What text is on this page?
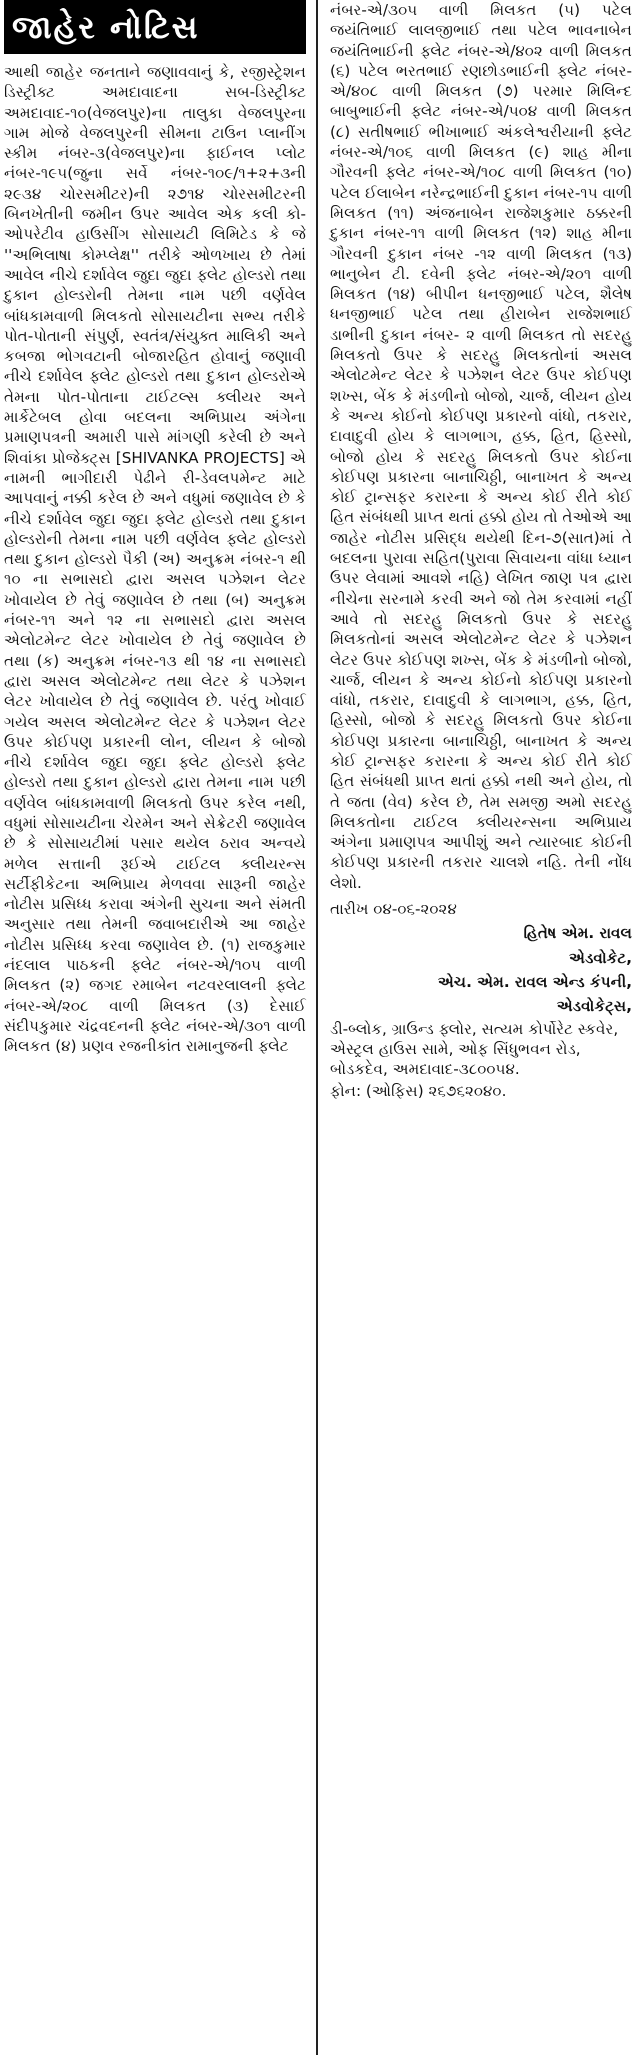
જાહેર નોટિસ

આથી જાહેર જનતાને જણાવવાનું કે, રજીસ્ટ્રેશન ડિસ્ટ્રીક્ટ અમદાવાદના સબ-ડિસ્ટ્રીક્ટ અમદાવાદ-૧૦(વેજલપુર)ના તાલુકા વેજલપુરના ગામ મોજે વેજલપુરની સીમના ટાઉન પ્લાનીંગ સ્કીમ નંબર-૩(વેજલપુર)ના ફાઈનલ પ્લોટ નંબર-૧૯૫(જુના સર્વે નંબર-૧૦૯/૧+૨+૩ની ૨૯૩૪ ચોરસમીટર)ની ૨૭૧૪ ચોરસમીટરની બિનખેતીની જમીન ઉપર આવેલ એક કલી કો-ઓપરેટીવ હાઉસીંગ સોસાયટી લિમિટેડ કે જે ''અભિલાષા કોમ્પ્લેક્ષ'' તરીકે ઓળખાય છે તેમાં આવેલ નીચે દર્શાવેલ જુદા જુદા ફ્લેટ હોલ્ડરો તથા દુકાન હોલ્ડરોની તેમના નામ પછી વર્ણવેલ બાંધકામવાળી મિલકતો સોસાયટીના સભ્ય તરીકે પોત-પોતાની સંપુર્ણ, સ્વતંત્ર/સંયુક્ત માલિકી અને કબજા ભોગવટાની બોજારહિત હોવાનું જણાવી નીચે દર્શાવેલ ફ્લેટ હોલ્ડરો તથા દુકાન હોલ્ડરોએ તેમના પોત-પોતાના ટાઈટલ્સ ક્લીયર અને માર્કેટેબલ હોવા બદલના અભિપ્રાય અંગેના પ્રમાણપત્રની અમારી પાસે માંગણી કરેલી છે અને શિવાંકા પ્રોજેક્ટ્સ [SHIVANKA PROJECTS] એ નામની ભાગીદારી પેઢીને રી-ડેવલપમેન્ટ માટે આપવાનું નક્કી કરેલ છે અને વધુમાં જણાવેલ છે કે નીચે દર્શાવેલ જુદા જુદા ફ્લેટ હોલ્ડરો તથા દુકાન હોલ્ડરોની તેમના નામ પછી વર્ણવેલ ફ્લેટ હોલ્ડરો તથા દુકાન હોલ્ડરો પૈકી (અ) અનુક્રમ નંબર-૧ થી ૧૦ ના સભાસદો દ્વારા અસલ પઝેશન લેટર ખોવાયેલ છે તેવું જણાવેલ છે તથા (બ) અનુક્રમ નંબર-૧૧ અને ૧૨ ના સભાસદો દ્વારા અસલ એલોટમેન્ટ લેટર ખોવાયેલ છે તેવું જણાવેલ છે તથા (ક) અનુક્રમ નંબર-૧૩ થી ૧૪ ના સભાસદો દ્વારા અસલ એલોટમેન્ટ તથા લેટર કે પઝેશન લેટર ખોવાયેલ છે તેવું જણાવેલ છે. પરંતુ ખોવાઈ ગયેલ અસલ એલોટમેન્ટ લેટર કે પઝેશન લેટર ઉપર કોઈપણ પ્રકારની લોન, લીયન કે બોજો નીચે દર્શાવેલ જુદા જુદા ફ્લેટ હોલ્ડરો ફ્લેટ હોલ્ડરો તથા દુકાન હોલ્ડરો દ્વારા તેમના નામ પછી વર્ણવેલ બાંધકામવાળી મિલકતો ઉપર કરેલ નથી, વધુમાં સોસાયટીના ચેરમેન અને સેક્રેટરી જણાવેલ છે કે સોસાયટીમાં પસાર થયેલ ઠરાવ અન્વયે મળેલ સત્તાની રૂઈએ ટાઈટલ ક્લીયરન્સ સર્ટીફીકેટના અભિપ્રાય મેળવવા સારૂની જાહેર નોટીસ પ્રસિધ્ધ કરાવા અંગેની સુચના અને સંમતી અનુસાર તથા તેમની જવાબદારીએ આ જાહેર નોટીસ પ્રસિધ્ધ કરવા જણાવેલ છે. (૧) રાજકુમાર નંદલાલ પાઠકની ફ્લેટ નંબર-એ/૧૦૫ વાળી મિલકત (૨) જગદ રમાબેન નટવરલાલની ફ્લેટ નંબર-એ/૨૦૮ વાળી મિલકત (૩) દેસાઈ સંદીપકુમાર ચંદ્રવદનની ફ્લેટ નંબર-એ/૩૦૧ વાળી મિલકત (૪) પ્રણવ રજનીકાંત રામાનુજની ફ્લેટ

નંબર-એ/૩૦૫ વાળી મિલકત (૫) પટેલ જયંતિભાઈ લાલજીભાઈ તથા પટેલ ભાવનાબેન જયંતિભાઈની ફ્લેટ નંબર-એ/૪૦૨ વાળી મિલકત (૬) પટેલ ભરતભાઈ રણછોડભાઈની ફ્લેટ નંબર-એ/૪૦૮ વાળી મિલકત (૭) પરમાર મિલિન્દ બાબુભાઈની ફ્લેટ નંબર-એ/૫૦૪ વાળી મિલકત (૮) સતીષભાઈ ભીખાભાઈ અંકલેશ્વરીયાની ફ્લેટ નંબર-એ/૧૦૬ વાળી મિલકત (૯) શાહ મીના ગૌરવની ફ્લેટ નંબર-એ/૧૦૮ વાળી મિલકત (૧૦) પટેલ ઈલાબેન નરેન્દ્રભાઈની દુકાન નંબર-૧૫ વાળી મિલકત (૧૧) અંજનાબેન રાજેશકુમાર ઠક્કરની દુકાન નંબર-૧૧ વાળી મિલકત (૧૨) શાહ મીના ગૌરવની દુકાન નંબર -૧૨ વાળી મિલકત (૧૩) ભાનુબેન ટી. દવેની ફ્લેટ નંબર-એ/૨૦૧ વાળી મિલકત (૧૪) બીપીન ધનજીભાઈ પટેલ, શૈલેષ ધનજીભાઈ પટેલ તથા હીરાબેન રાજેશભાઈ ડાભીની દુકાન નંબર- ૨ વાળી મિલકત તો સદરહુ મિલકતો ઉપર કે સદરહુ મિલકતોનાં અસલ એલોટમેન્ટ લેટર કે પઝેશન લેટર ઉપર કોઈપણ શખ્સ, બેંક કે મંડળીનો બોજો, ચાર્જ, લીયન હોય કે અન્ય કોઈનો કોઈપણ પ્રકારનો વાંધો, તકરાર, દાવાદુવી હોય કે લાગભાગ, હક્ક, હિત, હિસ્સો, બોજો હોય કે સદરહુ મિલકતો ઉપર કોઈના કોઈપણ પ્રકારના બાનાચિઠ્ઠી, બાનાખત કે અન્ય કોઈ ટ્રાન્સફર કરારના કે અન્ય કોઈ રીતે કોઈ હિત સંબંધથી પ્રાપ્ત થતાં હક્કો હોય તો તેઓએ આ જાહેર નોટીસ પ્રસિદ્ધ થયેથી દિન-૭(સાત)માં તે બદલના પુરાવા સહિત(પુરાવા સિવાયના વાંધા ધ્યાન ઉપર લેવામાં આવશે નહિ) લેખિત જાણ પત્ર દ્વારા નીચેના સરનામે કરવી અને જો તેમ કરવામાં નહીં આવે તો સદરહુ મિલકતો ઉપર કે સદરહુ મિલકતોનાં અસલ એલોટમેન્ટ લેટર કે પઝેશન લેટર ઉપર કોઈપણ શખ્સ, બેંક કે મંડળીનો બોજો, ચાર્જ, લીયન કે અન્ય કોઈનો કોઈપણ પ્રકારનો વાંધો, તકરાર, દાવાદુવી કે લાગભાગ, હક્ક, હિત, હિસ્સો, બોજો કે સદરહુ મિલકતો ઉપર કોઈના કોઈપણ પ્રકારના બાનાચિઠ્ઠી, બાનાખત કે અન્ય કોઈ ટ્રાન્સફર કરારના કે અન્ય કોઈ રીતે કોઈ હિત સંબંધથી પ્રાપ્ત થતાં હક્કો નથી અને હોય, તો તે જતા (વેવ) કરેલ છે, તેમ સમજી અમો સદરહુ મિલકતોના ટાઈટલ ક્લીયરન્સના અભિપ્રાય અંગેના પ્રમાણપત્ર આપીશું અને ત્યારબાદ કોઈની કોઈપણ પ્રકારની તકરાર ચાલશે નહિ. તેની નોંધ લેશો.

તારીખ ૦૪-૦૬-૨૦૨૪

હિતેષ એમ. રાવલ

એડવોકેટ,

એચ. એમ. રાવલ એન્ડ કંપની,

એડવોકેટ્સ,

ડી-બ્લોક, ગ્રાઉન્ડ ફ્લોર, સત્યમ કોર્પોરેટ સ્કવેર, એસ્ટ્રલ હાઉસ સામે, ઓફ સિંધુભવન રોડ, બોડકદેવ, અમદાવાદ-૩૮૦૦૫૪.

ફોન: (ઓફિસ) ૨૬૭૬૨૦૪૦.
